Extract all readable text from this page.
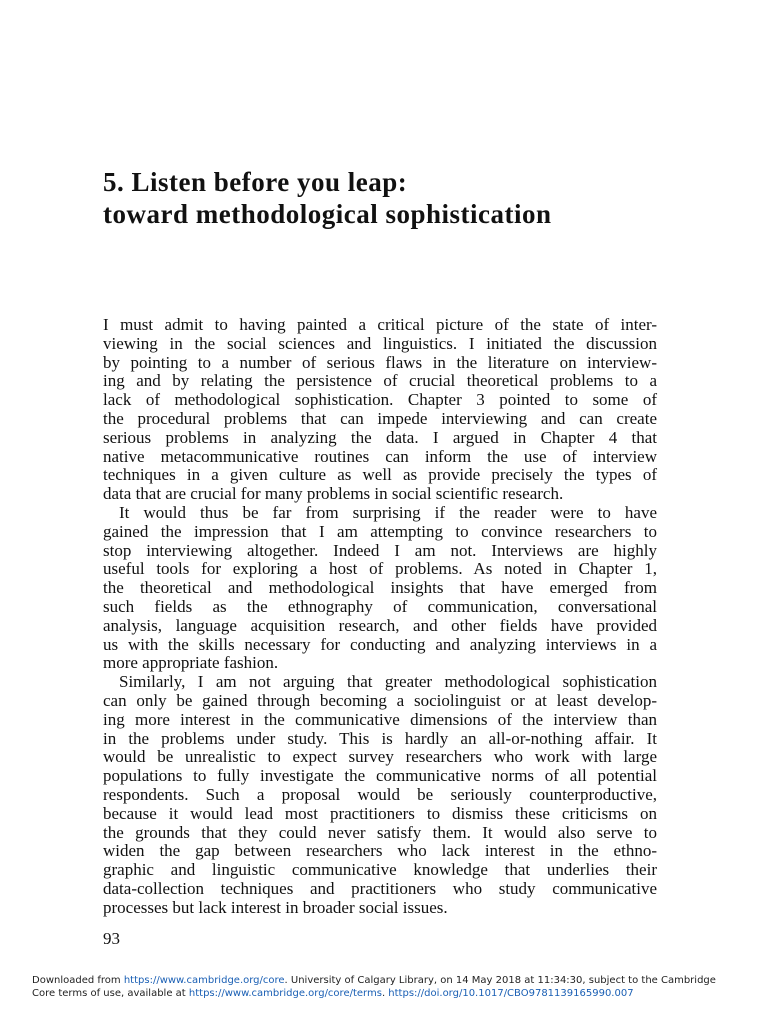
5. Listen before you leap:
toward methodological sophistication
I must admit to having painted a critical picture of the state of inter-
viewing in the social sciences and linguistics. I initiated the discussion
by pointing to a number of serious flaws in the literature on interview-
ing and by relating the persistence of crucial theoretical problems to a
lack of methodological sophistication. Chapter 3 pointed to some of
the procedural problems that can impede interviewing and can create
serious problems in analyzing the data. I argued in Chapter 4 that
native metacommunicative routines can inform the use of interview
techniques in a given culture as well as provide precisely the types of
data that are crucial for many problems in social scientific research.
It would thus be far from surprising if the reader were to have
gained the impression that I am attempting to convince researchers to
stop interviewing altogether. Indeed I am not. Interviews are highly
useful tools for exploring a host of problems. As noted in Chapter 1,
the theoretical and methodological insights that have emerged from
such fields as the ethnography of communication, conversational
analysis, language acquisition research, and other fields have provided
us with the skills necessary for conducting and analyzing interviews in a
more appropriate fashion.
Similarly, I am not arguing that greater methodological sophistication
can only be gained through becoming a sociolinguist or at least develop-
ing more interest in the communicative dimensions of the interview than
in the problems under study. This is hardly an all-or-nothing affair. It
would be unrealistic to expect survey researchers who work with large
populations to fully investigate the communicative norms of all potential
respondents. Such a proposal would be seriously counterproductive,
because it would lead most practitioners to dismiss these criticisms on
the grounds that they could never satisfy them. It would also serve to
widen the gap between researchers who lack interest in the ethno-
graphic and linguistic communicative knowledge that underlies their
data-collection techniques and practitioners who study communicative
processes but lack interest in broader social issues.
93
Downloaded from https://www.cambridge.org/core. University of Calgary Library, on 14 May 2018 at 11:34:30, subject to the Cambridge
Core terms of use, available at https://www.cambridge.org/core/terms. https://doi.org/10.1017/CBO9781139165990.007
